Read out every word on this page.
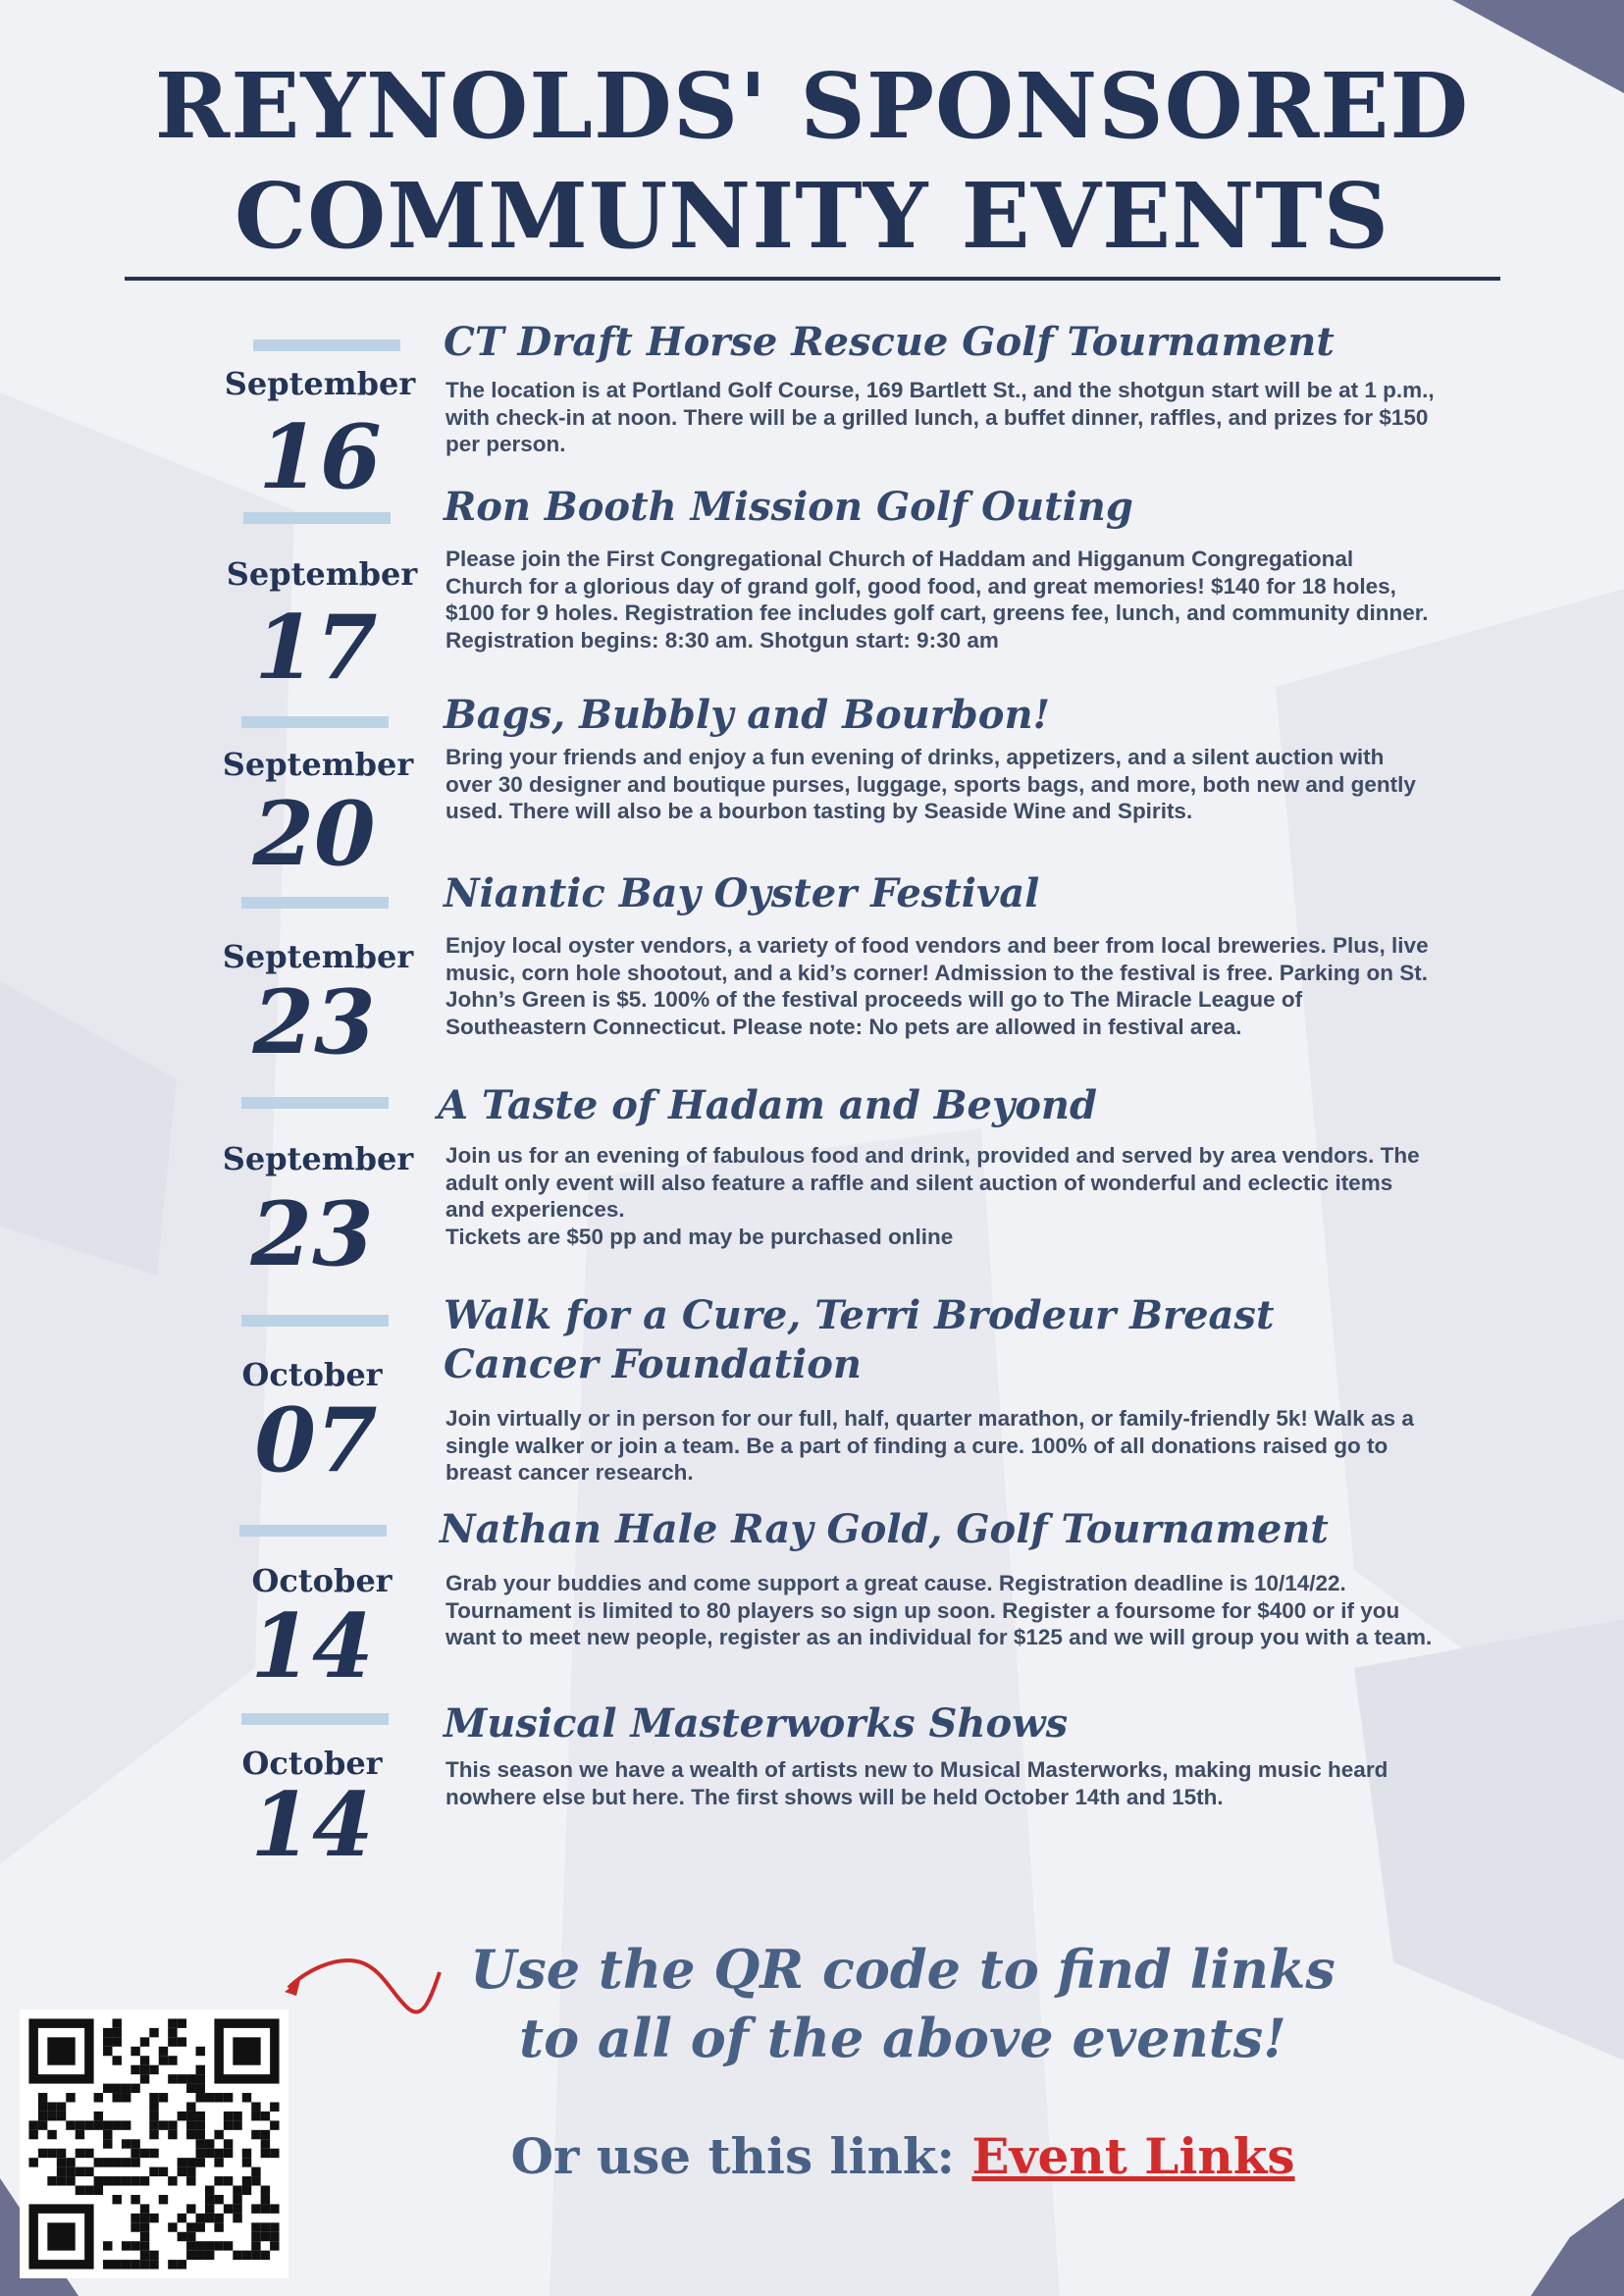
REYNOLDS' SPONSORED
COMMUNITY EVENTS
September
16
CT Draft Horse Rescue Golf Tournament
The location is at Portland Golf Course, 169 Bartlett St., and the shotgun start will be at 1 p.m., with check-in at noon. There will be a grilled lunch, a buffet dinner, raffles, and prizes for $150 per person.
September
17
Ron Booth Mission Golf Outing
Please join the First Congregational Church of Haddam and Higganum Congregational Church for a glorious day of grand golf, good food, and great memories! $140 for 18 holes, $100 for 9 holes. Registration fee includes golf cart, greens fee, lunch, and community dinner. Registration begins: 8:30 am. Shotgun start: 9:30 am
September
20
Bags, Bubbly and Bourbon!
Bring your friends and enjoy a fun evening of drinks, appetizers, and a silent auction with over 30 designer and boutique purses, luggage, sports bags, and more, both new and gently used. There will also be a bourbon tasting by Seaside Wine and Spirits.
September
23
Niantic Bay Oyster Festival
Enjoy local oyster vendors, a variety of food vendors and beer from local breweries. Plus, live music, corn hole shootout, and a kid’s corner! Admission to the festival is free. Parking on St. John’s Green is $5. 100% of the festival proceeds will go to The Miracle League of Southeastern Connecticut. Please note: No pets are allowed in festival area.
September
23
A Taste of Hadam and Beyond
Join us for an evening of fabulous food and drink, provided and served by area vendors. The adult only event will also feature a raffle and silent auction of wonderful and eclectic items and experiences.
Tickets are $50 pp and may be purchased online
October
07
Walk for a Cure, Terri Brodeur Breast Cancer Foundation
Join virtually or in person for our full, half, quarter marathon, or family-friendly 5k! Walk as a single walker or join a team. Be a part of finding a cure. 100% of all donations raised go to breast cancer research.
October
14
Nathan Hale Ray Gold, Golf Tournament
Grab your buddies and come support a great cause. Registration deadline is 10/14/22. Tournament is limited to 80 players so sign up soon. Register a foursome for $400 or if you want to meet new people, register as an individual for $125 and we will group you with a team.
October
14
Musical Masterworks Shows
This season we have a wealth of artists new to Musical Masterworks, making music heard nowhere else but here. The first shows will be held October 14th and 15th.
Use the QR code to find links
to all of the above events!
Or use this link: Event Links
